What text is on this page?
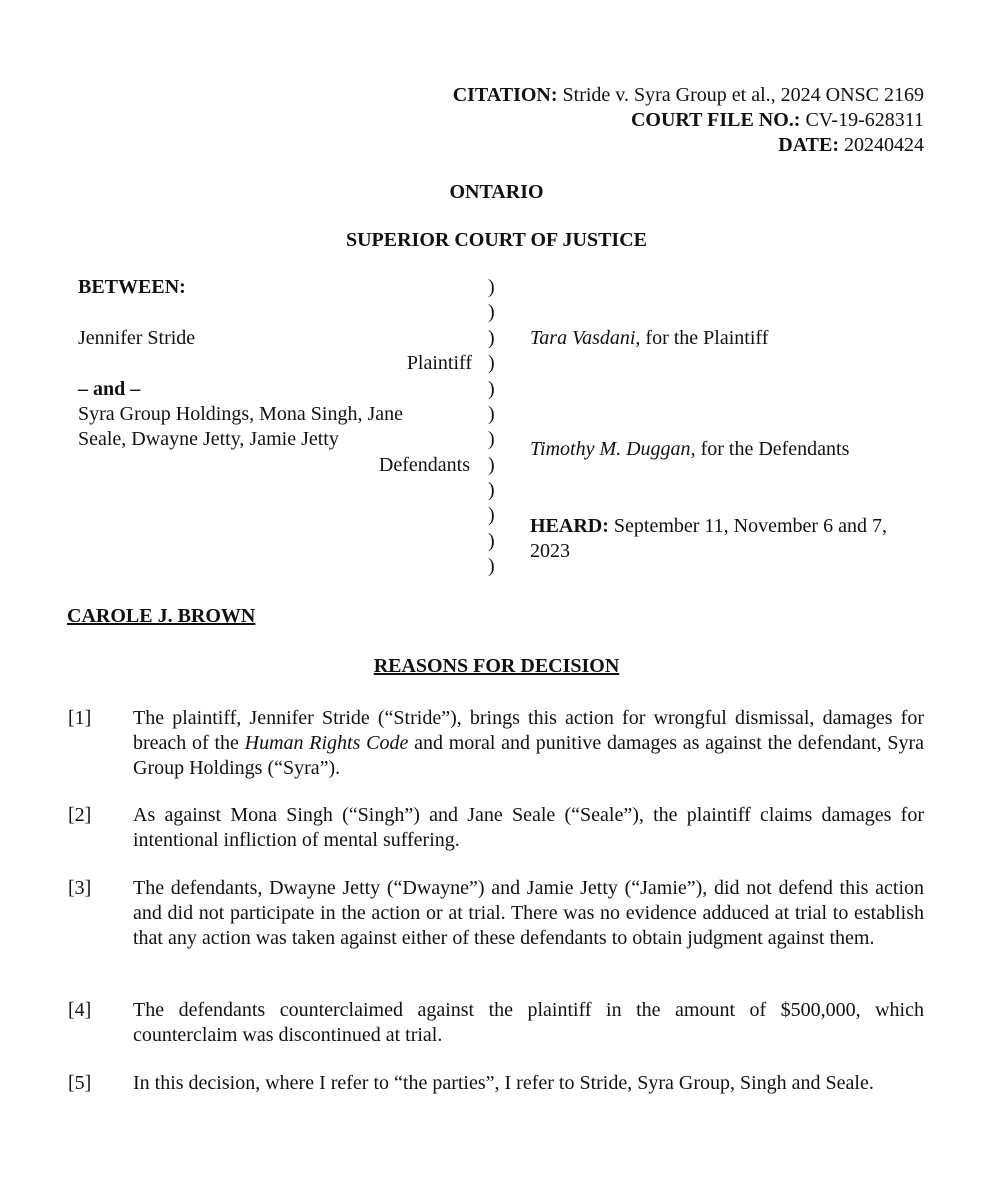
CITATION: Stride v. Syra Group et al., 2024 ONSC 2169
COURT FILE NO.: CV-19-628311
DATE: 20240424
ONTARIO
SUPERIOR COURT OF JUSTICE
BETWEEN:
Jennifer Stride
Plaintiff
– and –
Syra Group Holdings, Mona Singh, Jane
Seale, Dwayne Jetty, Jamie Jetty
Defendants
)
)
)
)
)
)
)
)
)
)
)
)
Tara Vasdani, for the Plaintiff
Timothy M. Duggan, for the Defendants
HEARD: September 11, November 6 and 7,
2023
CAROLE J. BROWN
REASONS FOR DECISION
[1]	The plaintiff, Jennifer Stride (“Stride”), brings this action for wrongful dismissal, damages for breach of the Human Rights Code and moral and punitive damages as against the defendant, Syra Group Holdings (“Syra”).
[2]	As against Mona Singh (“Singh”) and Jane Seale (“Seale”), the plaintiff claims damages for intentional infliction of mental suffering.
[3]	The defendants, Dwayne Jetty (“Dwayne”) and Jamie Jetty (“Jamie”), did not defend this action and did not participate in the action or at trial. There was no evidence adduced at trial to establish that any action was taken against either of these defendants to obtain judgment against them.
[4]	The defendants counterclaimed against the plaintiff in the amount of $500,000, which counterclaim was discontinued at trial.
[5]	In this decision, where I refer to “the parties”, I refer to Stride, Syra Group, Singh and Seale.
